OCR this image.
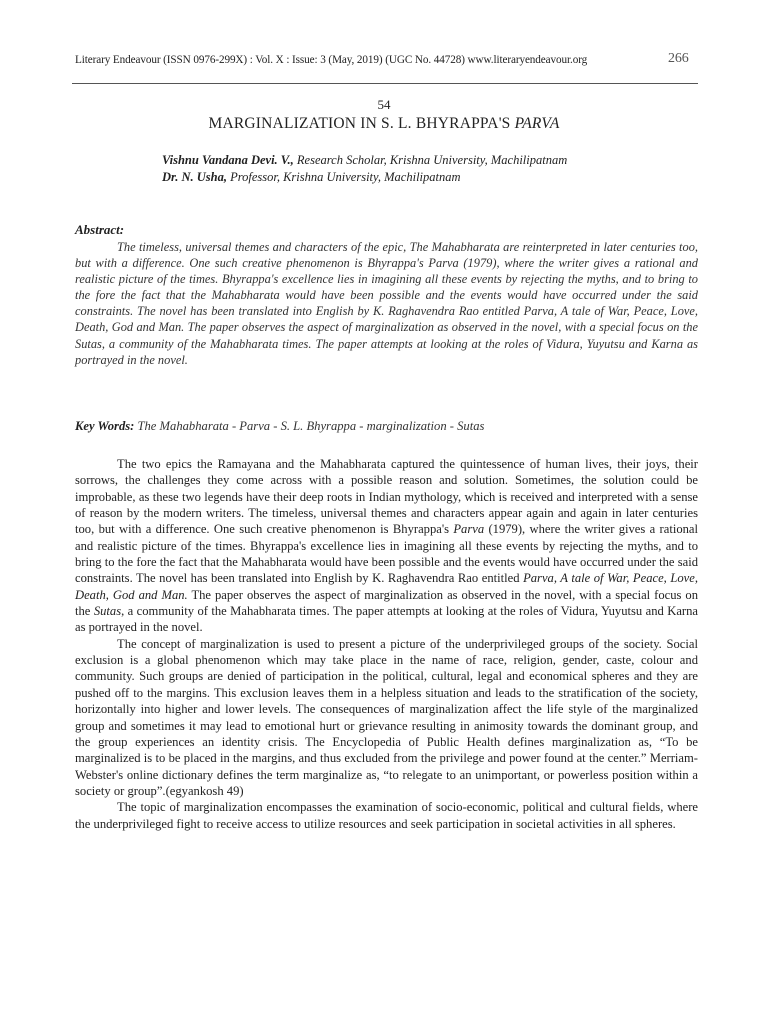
Literary Endeavour (ISSN 0976-299X) : Vol. X : Issue: 3 (May, 2019) (UGC No. 44728) www.literaryendeavour.org	266
54
MARGINALIZATION IN S. L. BHYRAPPA'S PARVA
Vishnu Vandana Devi. V., Research Scholar, Krishna University, Machilipatnam
Dr. N. Usha, Professor, Krishna University, Machilipatnam
Abstract:

The timeless, universal themes and characters of the epic, The Mahabharata are reinterpreted in later centuries too, but with a difference. One such creative phenomenon is Bhyrappa's Parva (1979), where the writer gives a rational and realistic picture of the times. Bhyrappa's excellence lies in imagining all these events by rejecting the myths, and to bring to the fore the fact that the Mahabharata would have been possible and the events would have occurred under the said constraints. The novel has been translated into English by K. Raghavendra Rao entitled Parva, A tale of War, Peace, Love, Death, God and Man. The paper observes the aspect of marginalization as observed in the novel, with a special focus on the Sutas, a community of the Mahabharata times. The paper attempts at looking at the roles of Vidura, Yuyutsu and Karna as portrayed in the novel.

Key Words: The Mahabharata - Parva - S. L. Bhyrappa - marginalization - Sutas

The two epics the Ramayana and the Mahabharata captured the quintessence of human lives, their joys, their sorrows, the challenges they come across with a possible reason and solution. Sometimes, the solution could be improbable, as these two legends have their deep roots in Indian mythology, which is received and interpreted with a sense of reason by the modern writers. The timeless, universal themes and characters appear again and again in later centuries too, but with a difference. One such creative phenomenon is Bhyrappa's Parva (1979), where the writer gives a rational and realistic picture of the times. Bhyrappa's excellence lies in imagining all these events by rejecting the myths, and to bring to the fore the fact that the Mahabharata would have been possible and the events would have occurred under the said constraints. The novel has been translated into English by K. Raghavendra Rao entitled Parva, A tale of War, Peace, Love, Death, God and Man. The paper observes the aspect of marginalization as observed in the novel, with a special focus on the Sutas, a community of the Mahabharata times. The paper attempts at looking at the roles of Vidura, Yuyutsu and Karna as portrayed in the novel.

The concept of marginalization is used to present a picture of the underprivileged groups of the society. Social exclusion is a global phenomenon which may take place in the name of race, religion, gender, caste, colour and community. Such groups are denied of participation in the political, cultural, legal and economical spheres and they are pushed off to the margins. This exclusion leaves them in a helpless situation and leads to the stratification of the society, horizontally into higher and lower levels. The consequences of marginalization affect the life style of the marginalized group and sometimes it may lead to emotional hurt or grievance resulting in animosity towards the dominant group, and the group experiences an identity crisis. The Encyclopedia of Public Health defines marginalization as, “To be marginalized is to be placed in the margins, and thus excluded from the privilege and power found at the center.” Merriam-Webster's online dictionary defines the term marginalize as, “to relegate to an unimportant, or powerless position within a society or group”.(egyankosh 49)

The topic of marginalization encompasses the examination of socio-economic, political and cultural fields, where the underprivileged fight to receive access to utilize resources and seek participation in societal activities in all spheres.
